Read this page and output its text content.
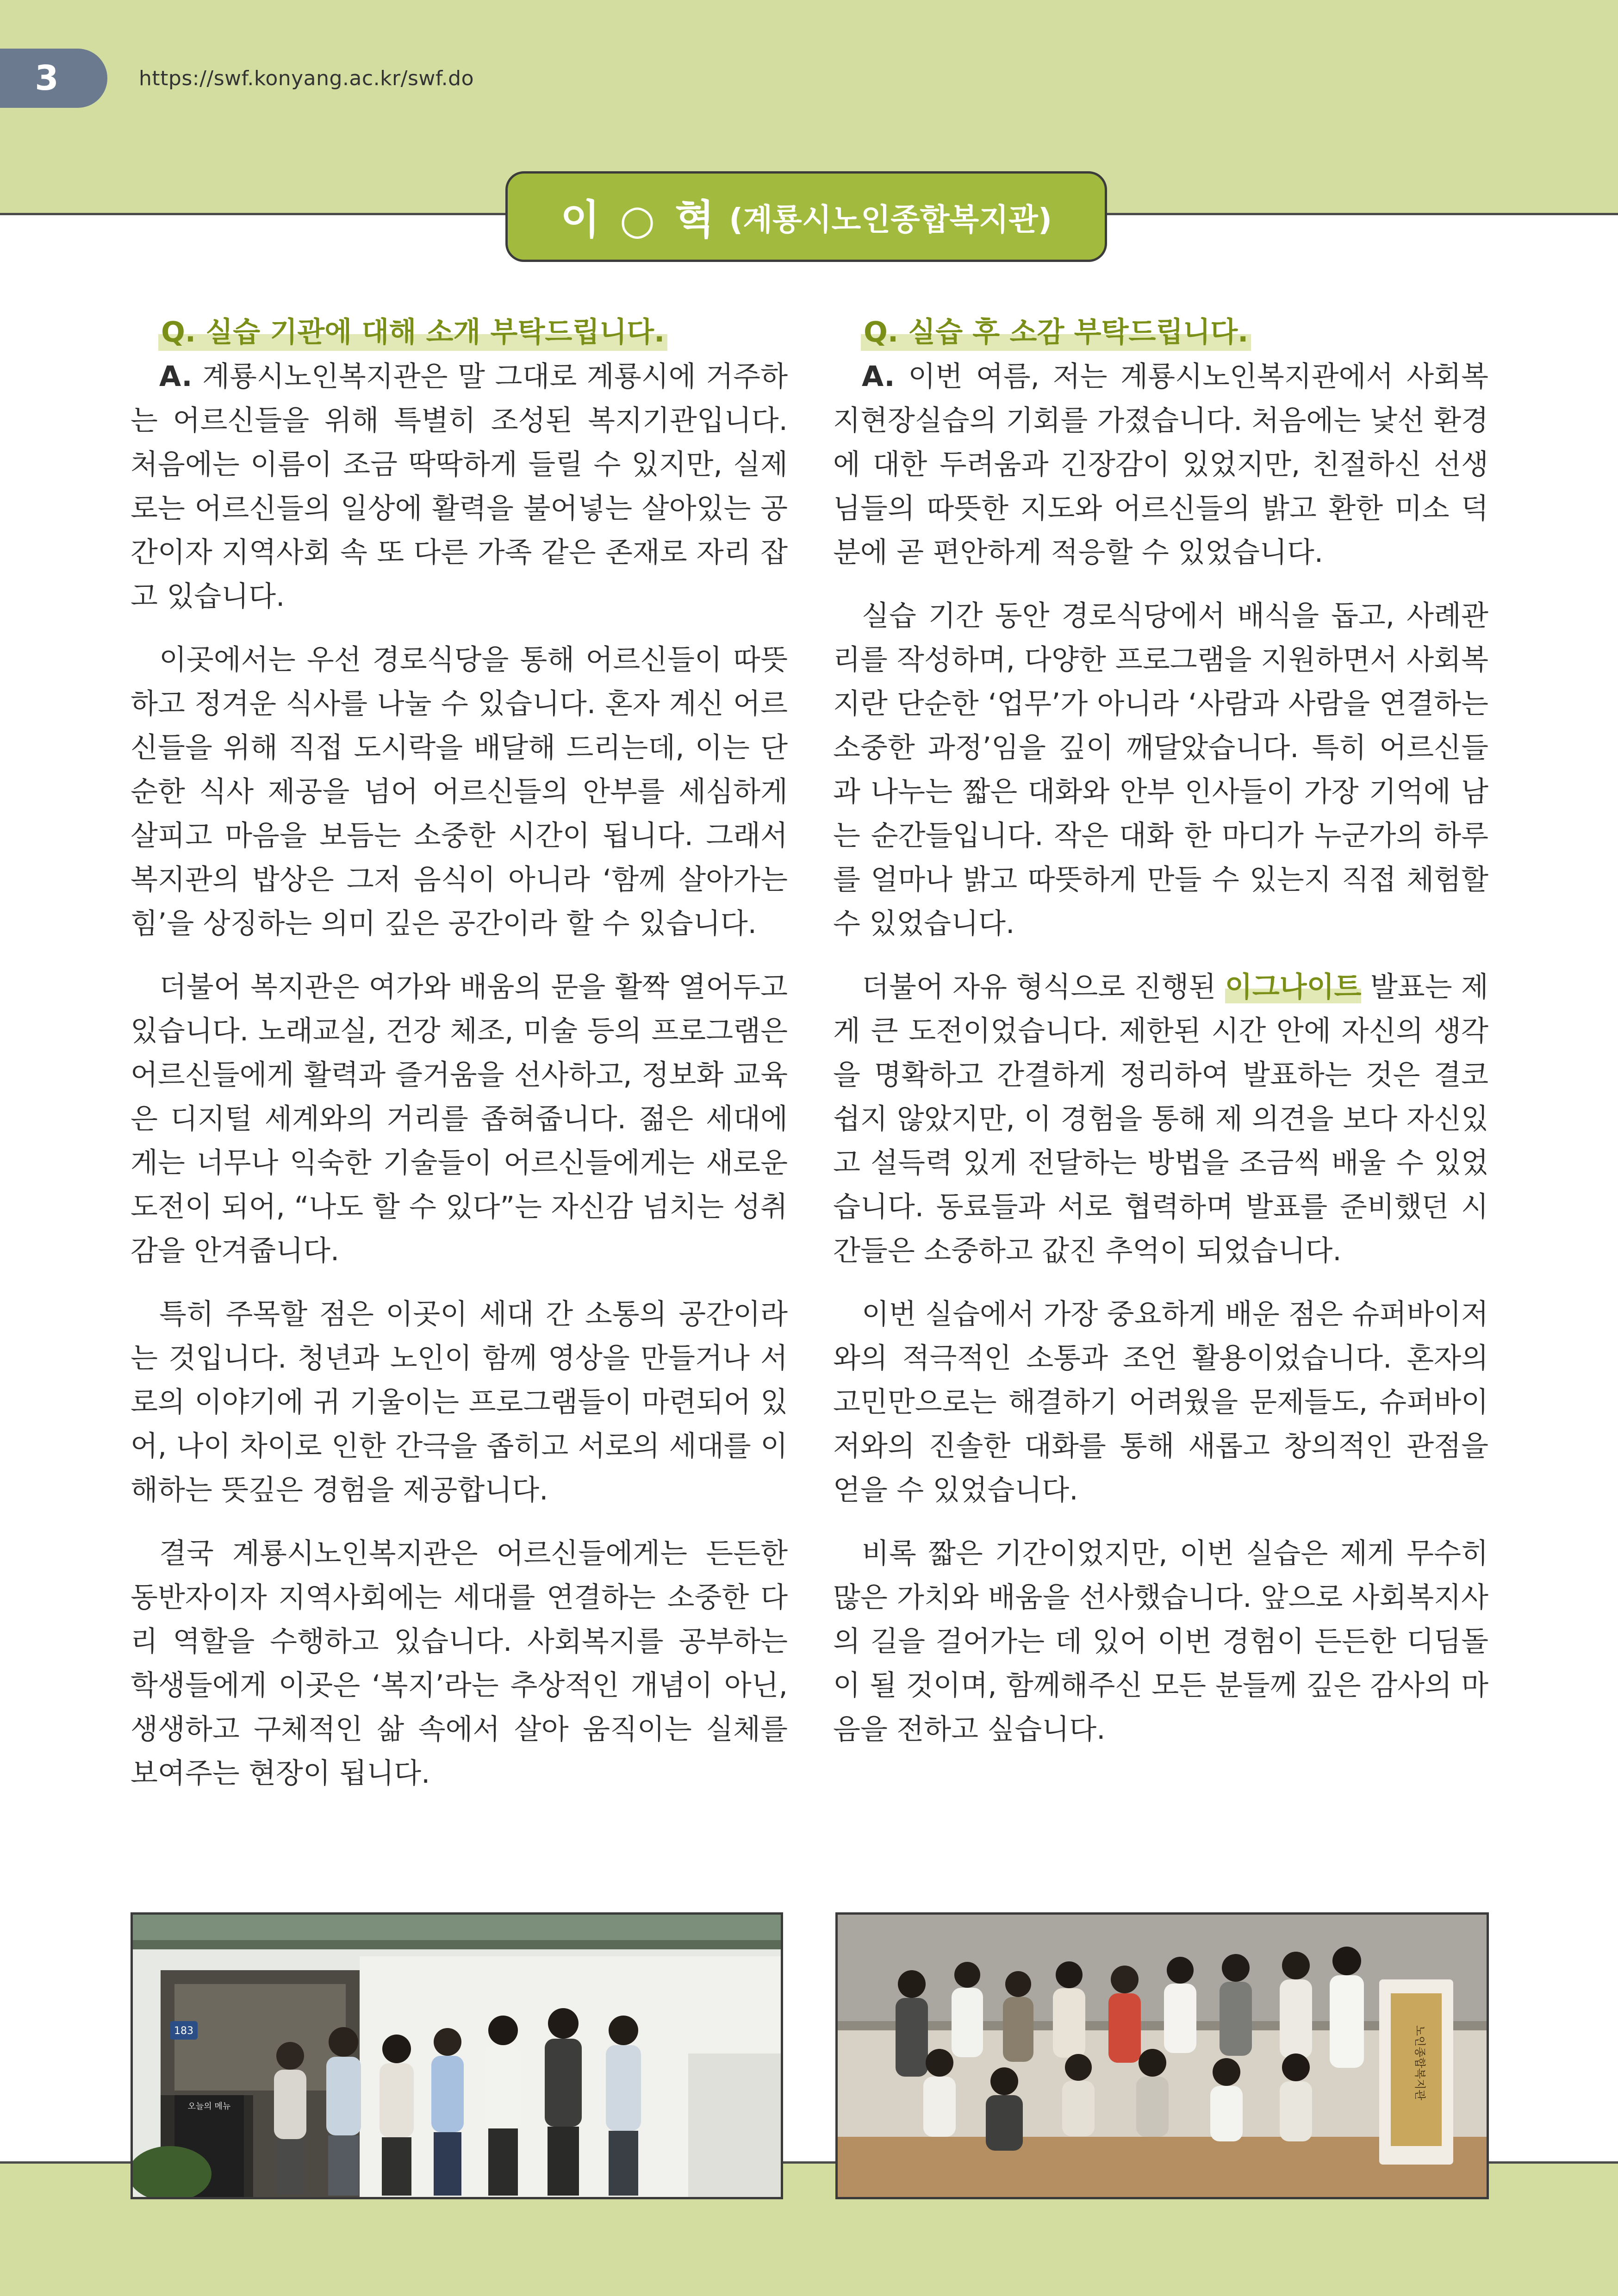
3	https://swf.konyang.ac.kr/swf.do
이 ○ 혁 (계룡시노인종합복지관)
Q. 실습 기관에 대해 소개 부탁드립니다.

A. 계룡시노인복지관은 말 그대로 계룡시에 거주하는 어르신들을 위해 특별히 조성된 복지기관입니다. 처음에는 이름이 조금 딱딱하게 들릴 수 있지만, 실제로는 어르신들의 일상에 활력을 불어넣는 살아있는 공간이자 지역사회 속 또 다른 가족 같은 존재로 자리 잡고 있습니다.

이곳에서는 우선 경로식당을 통해 어르신들이 따뜻하고 정겨운 식사를 나눌 수 있습니다. 혼자 계신 어르신들을 위해 직접 도시락을 배달해 드리는데, 이는 단순한 식사 제공을 넘어 어르신들의 안부를 세심하게 살피고 마음을 보듬는 소중한 시간이 됩니다. 그래서 복지관의 밥상은 그저 음식이 아니라 ‘함께 살아가는 힘’을 상징하는 의미 깊은 공간이라 할 수 있습니다.

더불어 복지관은 여가와 배움의 문을 활짝 열어두고 있습니다. 노래교실, 건강 체조, 미술 등의 프로그램은 어르신들에게 활력과 즐거움을 선사하고, 정보화 교육은 디지털 세계와의 거리를 좁혀줍니다. 젊은 세대에게는 너무나 익숙한 기술들이 어르신들에게는 새로운 도전이 되어, “나도 할 수 있다”는 자신감 넘치는 성취감을 안겨줍니다.

특히 주목할 점은 이곳이 세대 간 소통의 공간이라는 것입니다. 청년과 노인이 함께 영상을 만들거나 서로의 이야기에 귀 기울이는 프로그램들이 마련되어 있어, 나이 차이로 인한 간극을 좁히고 서로의 세대를 이해하는 뜻깊은 경험을 제공합니다.

결국 계룡시노인복지관은 어르신들에게는 든든한 동반자이자 지역사회에는 세대를 연결하는 소중한 다리 역할을 수행하고 있습니다. 사회복지를 공부하는 학생들에게 이곳은 ‘복지’라는 추상적인 개념이 아닌, 생생하고 구체적인 삶 속에서 살아 움직이는 실체를 보여주는 현장이 됩니다.

Q. 실습 후 소감 부탁드립니다.

A. 이번 여름, 저는 계룡시노인복지관에서 사회복지현장실습의 기회를 가졌습니다. 처음에는 낯선 환경에 대한 두려움과 긴장감이 있었지만, 친절하신 선생님들의 따뜻한 지도와 어르신들의 밝고 환한 미소 덕분에 곧 편안하게 적응할 수 있었습니다.

실습 기간 동안 경로식당에서 배식을 돕고, 사례관리를 작성하며, 다양한 프로그램을 지원하면서 사회복지란 단순한 ‘업무’가 아니라 ‘사람과 사람을 연결하는 소중한 과정’임을 깊이 깨달았습니다. 특히 어르신들과 나누는 짧은 대화와 안부 인사들이 가장 기억에 남는 순간들입니다. 작은 대화 한 마디가 누군가의 하루를 얼마나 밝고 따뜻하게 만들 수 있는지 직접 체험할 수 있었습니다.

더불어 자유 형식으로 진행된 이그나이트 발표는 제게 큰 도전이었습니다. 제한된 시간 안에 자신의 생각을 명확하고 간결하게 정리하여 발표하는 것은 결코 쉽지 않았지만, 이 경험을 통해 제 의견을 보다 자신있고 설득력 있게 전달하는 방법을 조금씩 배울 수 있었습니다. 동료들과 서로 협력하며 발표를 준비했던 시간들은 소중하고 값진 추억이 되었습니다.

이번 실습에서 가장 중요하게 배운 점은 슈퍼바이저와의 적극적인 소통과 조언 활용이었습니다. 혼자의 고민만으로는 해결하기 어려웠을 문제들도, 슈퍼바이저와의 진솔한 대화를 통해 새롭고 창의적인 관점을 얻을 수 있었습니다.

비록 짧은 기간이었지만, 이번 실습은 제게 무수히 많은 가치와 배움을 선사했습니다. 앞으로 사회복지사의 길을 걸어가는 데 있어 이번 경험이 든든한 디딤돌이 될 것이며, 함께해주신 모든 분들께 깊은 감사의 마음을 전하고 싶습니다.

183
오늘의 메뉴
노인종합복지관
